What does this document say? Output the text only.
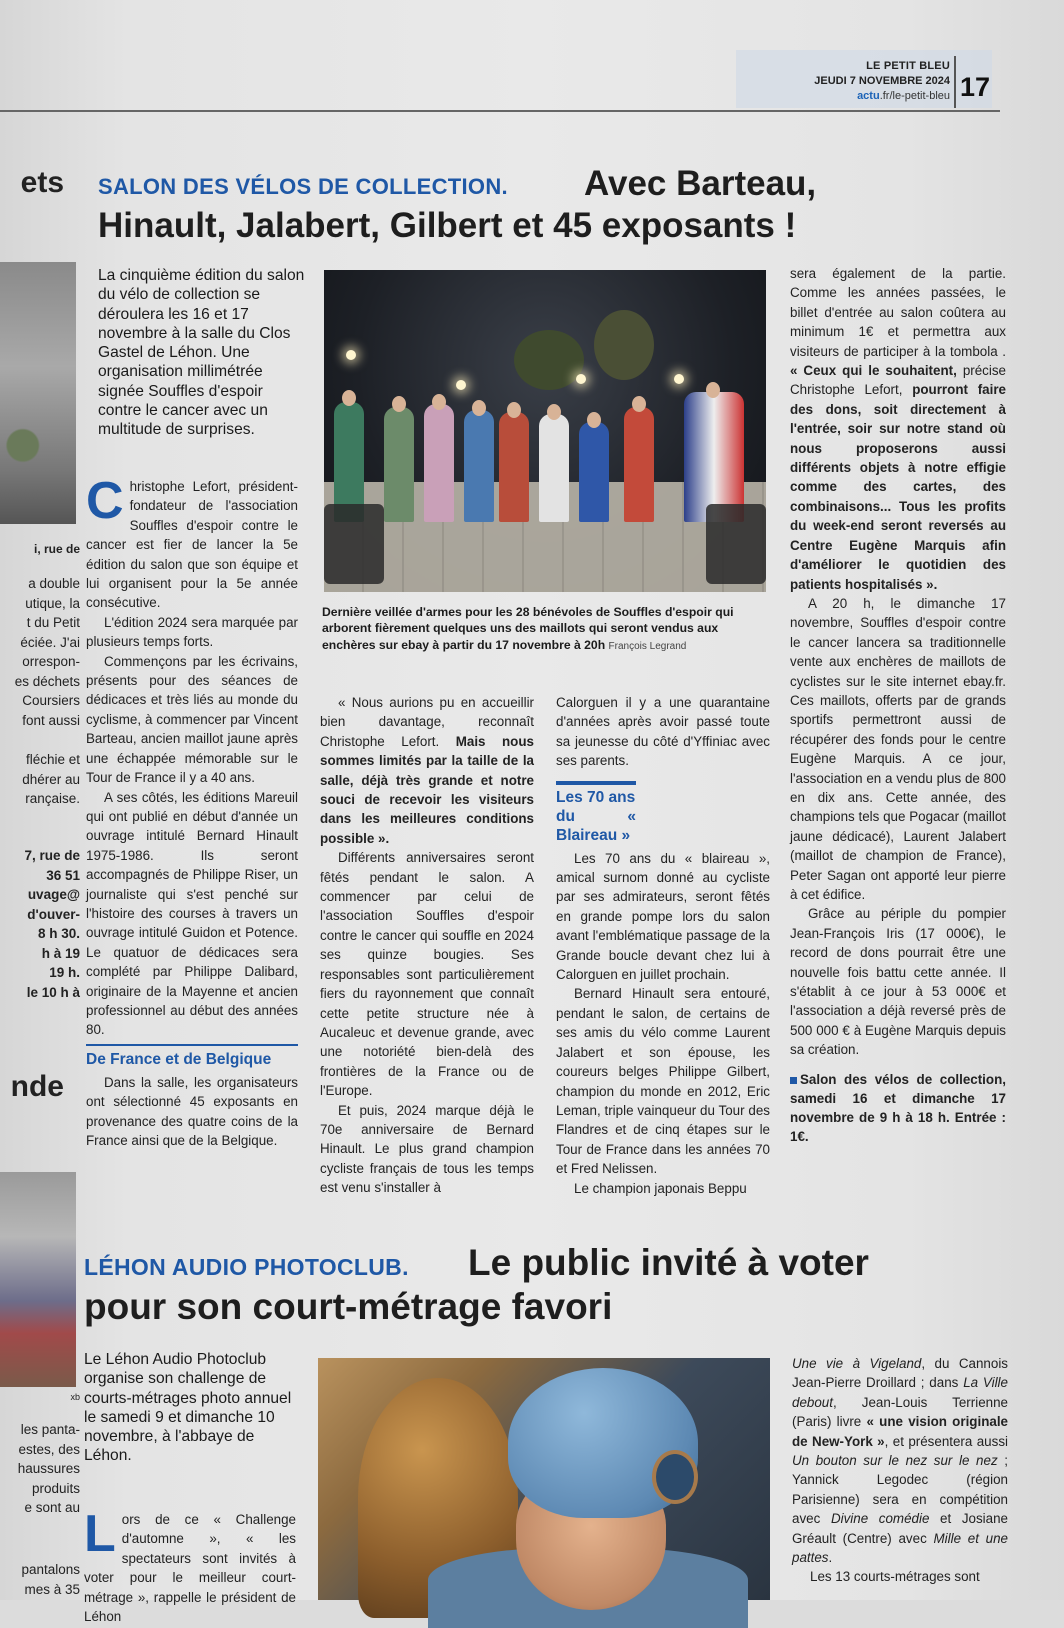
LE PETIT BLEU
JEUDI 7 NOVEMBRE 2024
actu.fr/le-petit-bleu 17
ets
i, rue de
nde
xb
SALON DES VÉLOS DE COLLECTION. Avec Barteau,
Hinault, Jalabert, Gilbert et 45 exposants !
La cinquième édition du salon du vélo de collection se déroulera les 16 et 17 novembre à la salle du Clos Gastel de Léhon. Une organisation millimétrée signée Souffles d'espoir contre le cancer avec un multitude de surprises.

Christophe Lefort, président-fondateur de l'association Souffles d'espoir contre le cancer est fier de lancer la 5e édition du salon que son équipe et lui organisent pour la 5e année consécutive.

L'édition 2024 sera marquée par plusieurs temps forts.

Commençons par les écrivains, présents pour des séances de dédicaces et très liés au monde du cyclisme, à commencer par Vincent Barteau, ancien maillot jaune après une échappée mémorable sur le Tour de France il y a 40 ans.

A ses côtés, les éditions Mareuil qui ont publié en début d'année un ouvrage intitulé Bernard Hinault 1975-1986. Ils seront accompagnés de Philippe Riser, un journaliste qui s'est penché sur l'histoire des courses à travers un ouvrage intitulé Guidon et Potence. Le quatuor de dédicaces sera complété par Philippe Dalibard, originaire de la Mayenne et ancien professionnel au début des années 80.

De France et de Belgique

Dans la salle, les organisateurs ont sélectionné 45 exposants en provenance des quatre coins de la France ainsi que de la Belgique.

Dernière veillée d'armes pour les 28 bénévoles de Souffles d'espoir qui arborent fièrement quelques uns des maillots qui seront vendus aux enchères sur ebay à partir du 17 novembre à 20h François Legrand

« Nous aurions pu en accueillir bien davantage, reconnaît Christophe Lefort. Mais nous sommes limités par la taille de la salle, déjà très grande et notre souci de recevoir les visiteurs dans les meilleures conditions possible ».

Différents anniversaires seront fêtés pendant le salon. A commencer par celui de l'association Souffles d'espoir contre le cancer qui souffle en 2024 ses quinze bougies. Ses responsables sont particulièrement fiers du rayonnement que connaît cette petite structure née à Aucaleuc et devenue grande, avec une notoriété bien-delà des frontières de la France ou de l'Europe.

Et puis, 2024 marque déjà le 70e anniversaire de Bernard Hinault. Le plus grand champion cycliste français de tous les temps est venu s'installer à

Calorguen il y a une quarantaine d'années après avoir passé toute sa jeunesse du côté d'Yffiniac avec ses parents.

Les 70 ans
du « Blaireau »

Les 70 ans du « blaireau », amical surnom donné au cycliste par ses admirateurs, seront fêtés en grande pompe lors du salon avant l'emblématique passage de la Grande boucle devant chez lui à Calorguen en juillet prochain.

Bernard Hinault sera entouré, pendant le salon, de certains de ses amis du vélo comme Laurent Jalabert et son épouse, les coureurs belges Philippe Gilbert, champion du monde en 2012, Eric Leman, triple vainqueur du Tour des Flandres et de cinq étapes sur le Tour de France dans les années 70 et Fred Nelissen.

Le champion japonais Beppu

sera également de la partie. Comme les années passées, le billet d'entrée au salon coûtera au minimum 1€ et permettra aux visiteurs de participer à la tombola . « Ceux qui le souhaitent, précise Christophe Lefort, pourront faire des dons, soit directement à l'entrée, soir sur notre stand où nous proposerons aussi différents objets à notre effigie comme des cartes, des combinaisons... Tous les profits du week-end seront reversés au Centre Eugène Marquis afin d'améliorer le quotidien des patients hospitalisés ».

A 20 h, le dimanche 17 novembre, Souffles d'espoir contre le cancer lancera sa traditionnelle vente aux enchères de maillots de cyclistes sur le site internet ebay.fr. Ces maillots, offerts par de grands sportifs permettront aussi de récupérer des fonds pour le centre Eugène Marquis. A ce jour, l'association en a vendu plus de 800 en dix ans. Cette année, des champions tels que Pogacar (maillot jaune dédicacé), Laurent Jalabert (maillot de champion de France), Peter Sagan ont apporté leur pierre à cet édifice.

Grâce au périple du pompier Jean-François Iris (17 000€), le record de dons pourrait être une nouvelle fois battu cette année. Il s'établit à ce jour à 53 000€ et l'association a déjà reversé près de 500 000 € à Eugène Marquis depuis sa création.

Salon des vélos de collection, samedi 16 et dimanche 17 novembre de 9 h à 18 h. Entrée : 1€.
LÉHON AUDIO PHOTOCLUB. Le public invité à voter
pour son court-métrage favori
Le Léhon Audio Photoclub organise son challenge de courts-métrages photo annuel le samedi 9 et dimanche 10 novembre, à l'abbaye de Léhon.

Lors de ce « Challenge d'automne », « les spectateurs sont invités à voter pour le meilleur court-métrage », rappelle le président de Léhon

Une vie à Vigeland, du Cannois Jean-Pierre Droillard ; dans La Ville debout, Jean-Louis Terrienne (Paris) livre « une vision originale de New-York », et présentera aussi Un bouton sur le nez sur le nez ; Yannick Legodec (région Parisienne) sera en compétition avec Divine comédie et Josiane Gréault (Centre) avec Mille et une pattes.

Les 13 courts-métrages sont

a double
utique, la
t du Petit
éciée. J'ai
orrespon-
es déchets
Coursiers
font aussi
fléchie et
dhérer au
rançaise.
7, rue de
36 51
uvage@
d'ouver-
8 h 30.
h à 19
19 h.
le 10 h à
les panta-
estes, des
haussures
produits
e sont au
pantalons
mes à 35
